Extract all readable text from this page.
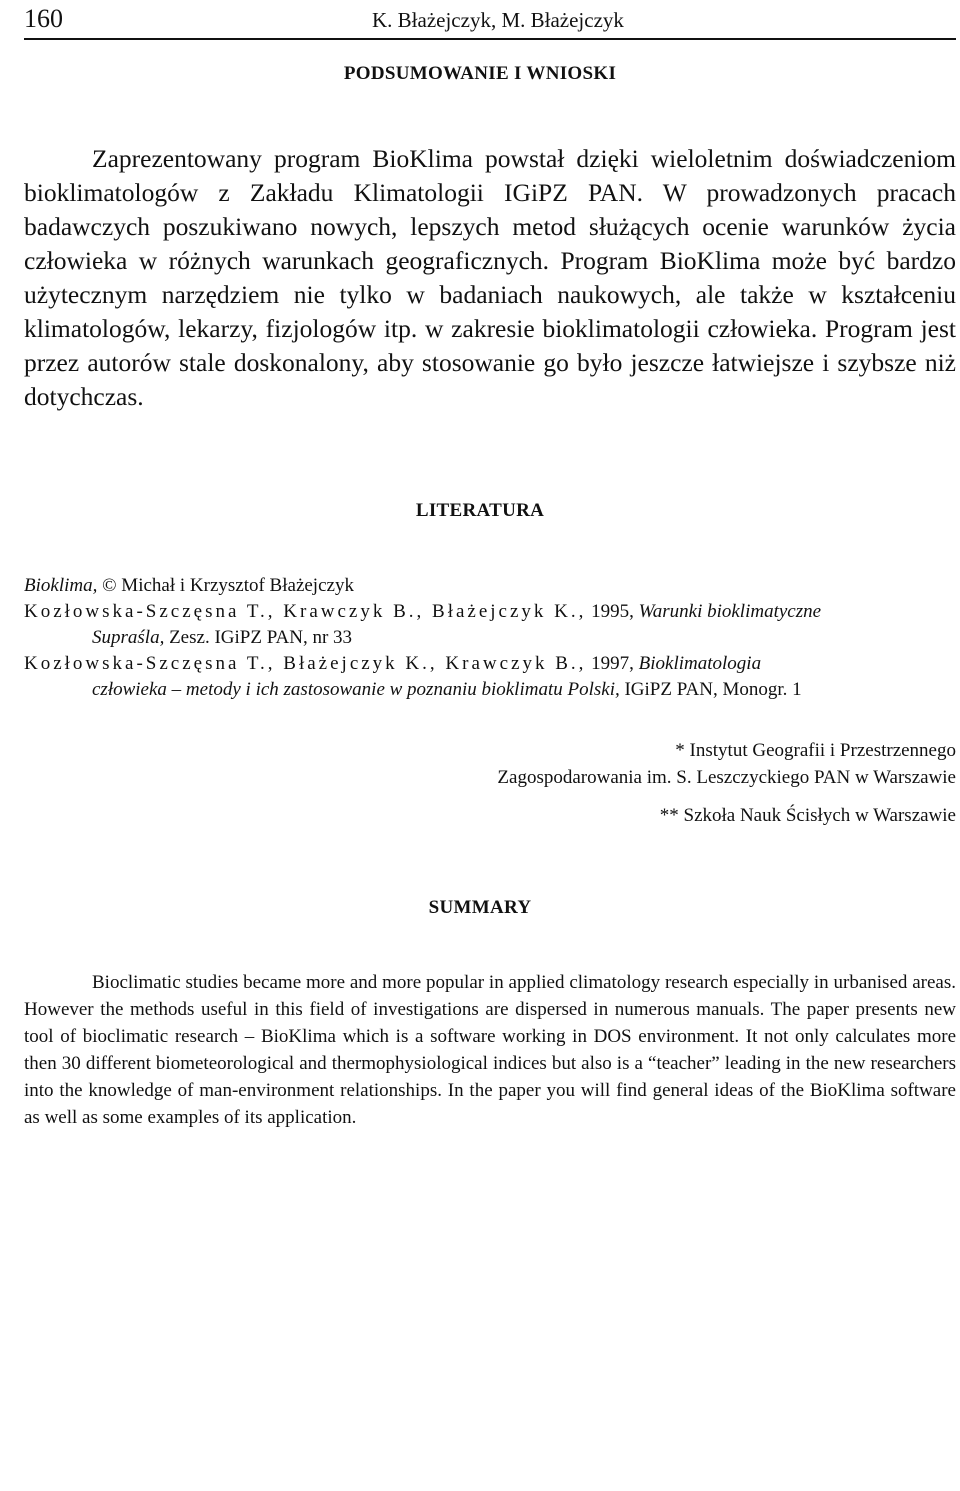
160	K. Błażejczyk, M. Błażejczyk
PODSUMOWANIE I WNIOSKI

Zaprezentowany program BioKlima powstał dzięki wieloletnim doświadczeniom bioklimatologów z Zakładu Klimatologii IGiPZ PAN. W prowadzonych pracach badawczych poszukiwano nowych, lepszych metod służących ocenie warunków życia człowieka w różnych warunkach geograficznych. Program BioKlima może być bardzo użytecznym narzędziem nie tylko w badaniach naukowych, ale także w kształceniu klimatologów, lekarzy, fizjologów itp. w zakresie bioklimatologii człowieka. Program jest przez autorów stale doskonalony, aby stosowanie go było jeszcze łatwiejsze i szybsze niż dotychczas.

LITERATURA
Bioklima, © Michał i Krzysztof Błażejczyk
Kozłowska-Szczęsna T., Krawczyk B., Błażejczyk K., 1995, Warunki bioklimatyczne
Supraśla, Zesz. IGiPZ PAN, nr 33
Kozłowska-Szczęsna T., Błażejczyk K., Krawczyk B., 1997, Bioklimatologia
człowieka – metody i ich zastosowanie w poznaniu bioklimatu Polski, IGiPZ PAN, Monogr. 1

* Instytut Geografii i Przestrzennego

Zagospodarowania im. S. Leszczyckiego PAN w Warszawie

** Szkoła Nauk Ścisłych w Warszawie

SUMMARY

Bioclimatic studies became more and more popular in applied climatology research especially in urbanised areas. However the methods useful in this field of investigations are dispersed in numerous manuals. The paper presents new tool of bioclimatic research – BioKlima which is a software working in DOS environment. It not only calculates more then 30 different biometeorological and thermophysiological indices but also is a “teacher” leading in the new researchers into the knowledge of man-environment relationships. In the paper you will find general ideas of the BioKlima software as well as some examples of its application.
